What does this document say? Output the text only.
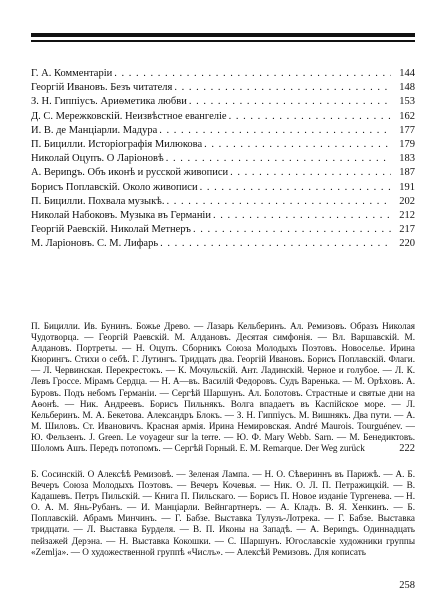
Г. А. Комментаріи . . .	144
Георгій Ивановъ. Безъ читателя . . .	148
З. Н. Гиппіусъ. Ариѳметика любви . . .	153
Д. С. Мережковскій. Неизвѣстное евангеліе . . .	162
И. В. де Манціарли. Мадура . . .	177
П. Бицилли. Исторіографія Милюкова . . .	179
Николай Оцупъ. О Ларіоновѣ . . .	183
А. Вериngъ. Объ иконѣ и русской живописи . . .	187
Борисъ Поплавскій. Около живописи . . .	191
П. Бицилли. Похвала музыкѣ. . . .	202
Николай Набоковъ. Музыка въ Германіи . . .	212
Георгій Раевскій. Николай Метнеръ . . .	217
М. Ларіоновъ. С. М. Лифарь . . .	220
П. Бицилли. Ив. Бунинъ. Божье Древо. — Лазарь Кельберинъ. Ал. Ремизовъ. Образъ Николая Чудотворца. — Георгій Раевскій. М. Алдановъ. Десятая симфонія. — Вл. Варшавскій. М. Алдановъ. Портреты. — Н. Оцупъ. Сборникъ Союза Молодыхъ Поэтовъ. Новоселье. Ирина Кнорингъ. Стихи о себѣ. Г. Лутингъ. Тридцать два. Георгій Ивановъ. Борисъ Поплавскій. Флаги. — Л. Червинская. Перекрестокъ. — К. Мочульскій. Ант. Ладинскій. Черное и голубое. — Л. К. Левъ Гроссе. Мірамъ Сердца. — Н. А—въ. Василій Федоровъ. Судъ Варенька. — М. Орѣховъ. А. Буровъ. Подъ небомъ Германіи. — Сергѣй Шаршунъ. Ал. Болотовъ. Страстные и святые дни на Аѳонѣ. — Ник. Андреевъ. Борисъ Пильнякъ. Волга впадаетъ въ Каспійское море. — Л. Кельберинъ. М. А. Бекетова. Александръ Блокъ. — З. Н. Гиппіусъ. М. Вишнякъ. Два пути. — А. М. Шиловъ. Ст. Ивановичъ. Красная армія. Ирина Немировская. André Maurois. Tourguénev. — Ю. Фельзенъ. J. Green. Le voyageur sur la terre. — Ю. Ф. Mary Webb. Sarn. — М. Бенедиктовъ. Шоломъ Ашъ. Передъ потопомъ. — Сергѣй Горный. E. M. Remarque. Der Weg zurück	222
Б. Сосинскій. О Алексѣѣ Ремизовѣ. — Зеленая Лампа. — Н. О. Сѣвериннъ въ Парижѣ. — А. Б. Вечеръ Союза Молодыхъ Поэтовъ. — Вечеръ Кочевья. — Ник. О. Л. П. Петражицкій. — В. Кадашевъ. Петръ Пильскій. — Книга П. Пильскаго. — Борисъ П. Новое изданіе Тургенева. — Н. О. А. М. Янь-Рубанъ. — И. Манціарли. Вейнгартнеръ. — А. Кладъ. В. Я. Хенкинъ. — Б. Поплавскій. Абрамъ Минчинъ. — Г. Бабзе. Выставка Тулузъ-Лотрека. — Г. Бабзе. Выставка тридцати. — Л. Выставка Бурделя. — В. П. Иконы на Западѣ. — А. Вериngъ. Одиннадцать пейзажей Дерэна. — Н. Выставка Кокошки. — С. Шаршунъ. Югославскіе художники группы «Zemlja». — О художественной группѣ «Числъ». — Алексѣй Ремизовъ. Для кописать
258
